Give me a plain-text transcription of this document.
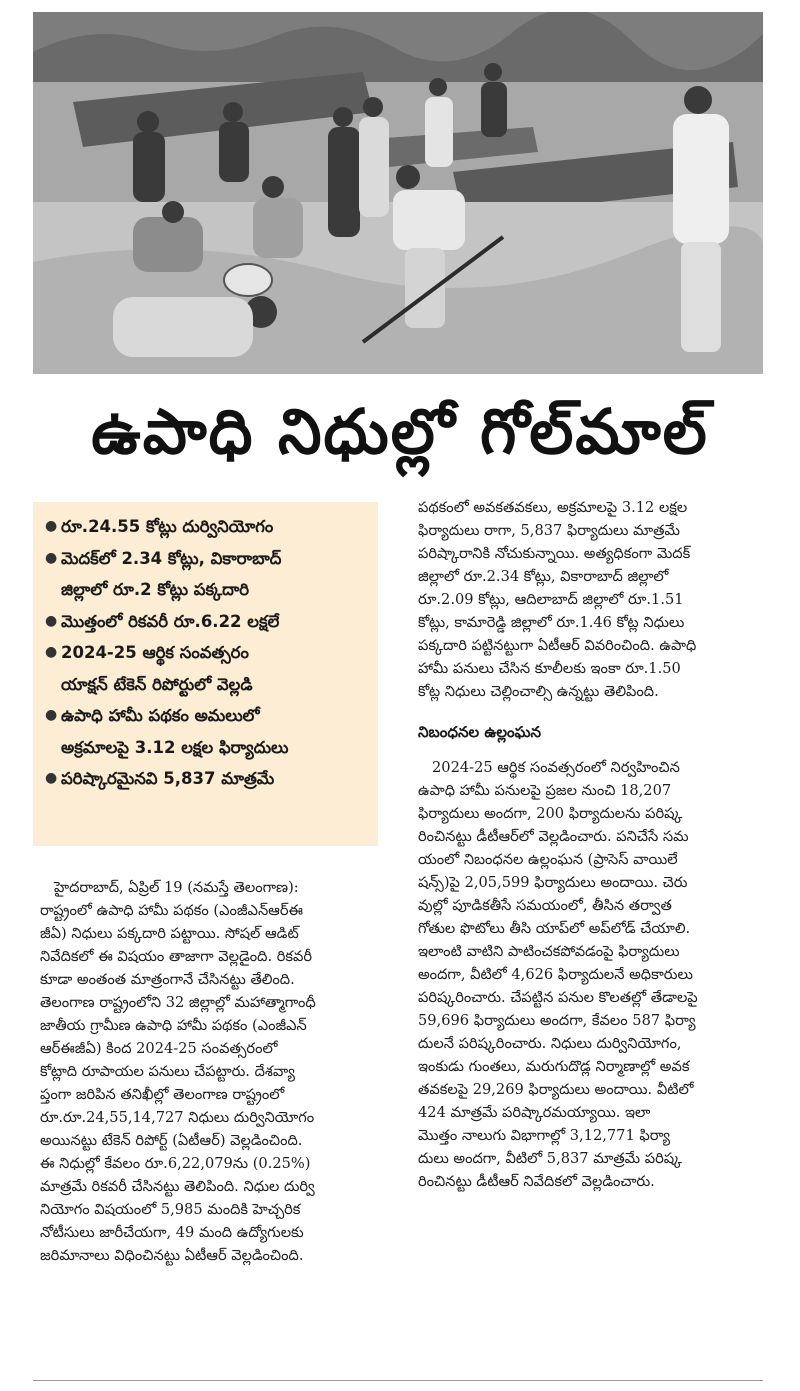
ఉపాధి నిధుల్లో గోల్‌మాల్
● రూ.24.55 కోట్లు దుర్వినియోగం
● మెదక్‌లో 2.34 కోట్లు, వికారాబాద్
జిల్లాలో రూ.2 కోట్లు పక్కదారి
● మొత్తంలో రికవరీ రూ.6.22 లక్షలే
● 2024-25 ఆర్థిక సంవత్సరం
యాక్షన్ టేకెన్ రిపోర్టులో వెల్లడి
● ఉపాధి హామీ పథకం అమలులో
అక్రమాలపై 3.12 లక్షల ఫిర్యాదులు
● పరిష్కారమైనవి 5,837 మాత్రమే

హైదరాబాద్, ఏప్రిల్ 19 (నమస్తే తెలంగాణ):

రాష్ట్రంలో ఉపాధి హామీ పథకం (ఎంజీఎన్‌ఆర్‌ఈ

జీఏ) నిధులు పక్కదారి పట్టాయి. సోషల్ ఆడిట్

నివేదికలో ఈ విషయం తాజాగా వెల్లడైంది. రికవరీ

కూడా అంతంత మాత్రంగానే చేసినట్టు తేలింది.

తెలంగాణ రాష్ట్రంలోని 32 జిల్లాల్లో మహాత్మాగాంధీ

జాతీయ గ్రామీణ ఉపాధి హామీ పథకం (ఎంజీఎన్

ఆర్‌ఈజీఏ) కింద 2024-25 సంవత్సరంలో

కోట్లాది రూపాయల పనులు చేపట్టారు. దేశవ్యా

ప్తంగా జరిపిన తనిఖీల్లో తెలంగాణ రాష్ట్రంలో

రూ.రూ.24,55,14,727 నిధులు దుర్వినియోగం

అయినట్టు టేకెన్ రిపోర్ట్ (ఏటీఆర్) వెల్లడించింది.

ఈ నిధుల్లో కేవలం రూ.6,22,079ను (0.25%)

మాత్రమే రికవరీ చేసినట్టు తెలిపింది. నిధుల దుర్వి

నియోగం విషయంలో 5,985 మందికి హెచ్చరిక

నోటీసులు జారీచేయగా, 49 మంది ఉద్యోగులకు

జరిమానాలు విధించినట్టు ఏటీఆర్ వెల్లడించింది.

పథకంలో అవకతవకలు, అక్రమాలపై 3.12 లక్షల

ఫిర్యాదులు రాగా, 5,837 ఫిర్యాదులు మాత్రమే

పరిష్కారానికి నోచుకున్నాయి. అత్యధికంగా మెదక్

జిల్లాలో రూ.2.34 కోట్లు, వికారాబాద్ జిల్లాలో

రూ.2.09 కోట్లు, ఆదిలాబాద్ జిల్లాలో రూ.1.51

కోట్లు, కామారెడ్డి జిల్లాలో రూ.1.46 కోట్ల నిధులు

పక్కదారి పట్టినట్టుగా ఏటీఆర్ వివరించింది. ఉపాధి

హామీ పనులు చేసిన కూలీలకు ఇంకా రూ.1.50

కోట్ల నిధులు చెల్లించాల్సి ఉన్నట్టు తెలిపింది.

నిబంధనల ఉల్లంఘన

2024-25 ఆర్థిక సంవత్సరంలో నిర్వహించిన

ఉపాధి హామీ పనులపై ప్రజల నుంచి 18,207

ఫిర్యాదులు అందగా, 200 ఫిర్యాదులను పరిష్క

రించినట్టు డీటీఆర్‌లో వెల్లడించారు. పనిచేసే సమ

యంలో నిబంధనల ఉల్లంఘన (ప్రాసెస్ వాయిలే

షన్స్)పై 2,05,599 ఫిర్యాదులు అందాయి. చెరు

వుల్లో పూడికతీసే సమయంలో, తీసిన తర్వాత

గోతుల ఫొటోలు తీసి యాప్‌లో అప్‌లోడ్ చేయాలి.

ఇలాంటి వాటిని పాటించకపోవడంపై ఫిర్యాదులు

అందగా, వీటిలో 4,626 ఫిర్యాదులనే అధికారులు

పరిష్కరించారు. చేపట్టిన పనుల కొలతల్లో తేడాలపై

59,696 ఫిర్యాదులు అందగా, కేవలం 587 ఫిర్యా

దులనే పరిష్కరించారు. నిధులు దుర్వినియోగం,

ఇంకుడు గుంతలు, మరుగుదొడ్ల నిర్మాణాల్లో అవక

తవకలపై 29,269 ఫిర్యాదులు అందాయి. వీటిలో

424 మాత్రమే పరిష్కారమయ్యాయి. ఇలా

మొత్తం నాలుగు విభాగాల్లో 3,12,771 ఫిర్యా

దులు అందగా, వీటిలో 5,837 మాత్రమే పరిష్క

రించినట్టు డీటీఆర్ నివేదికలో వెల్లడించారు.
